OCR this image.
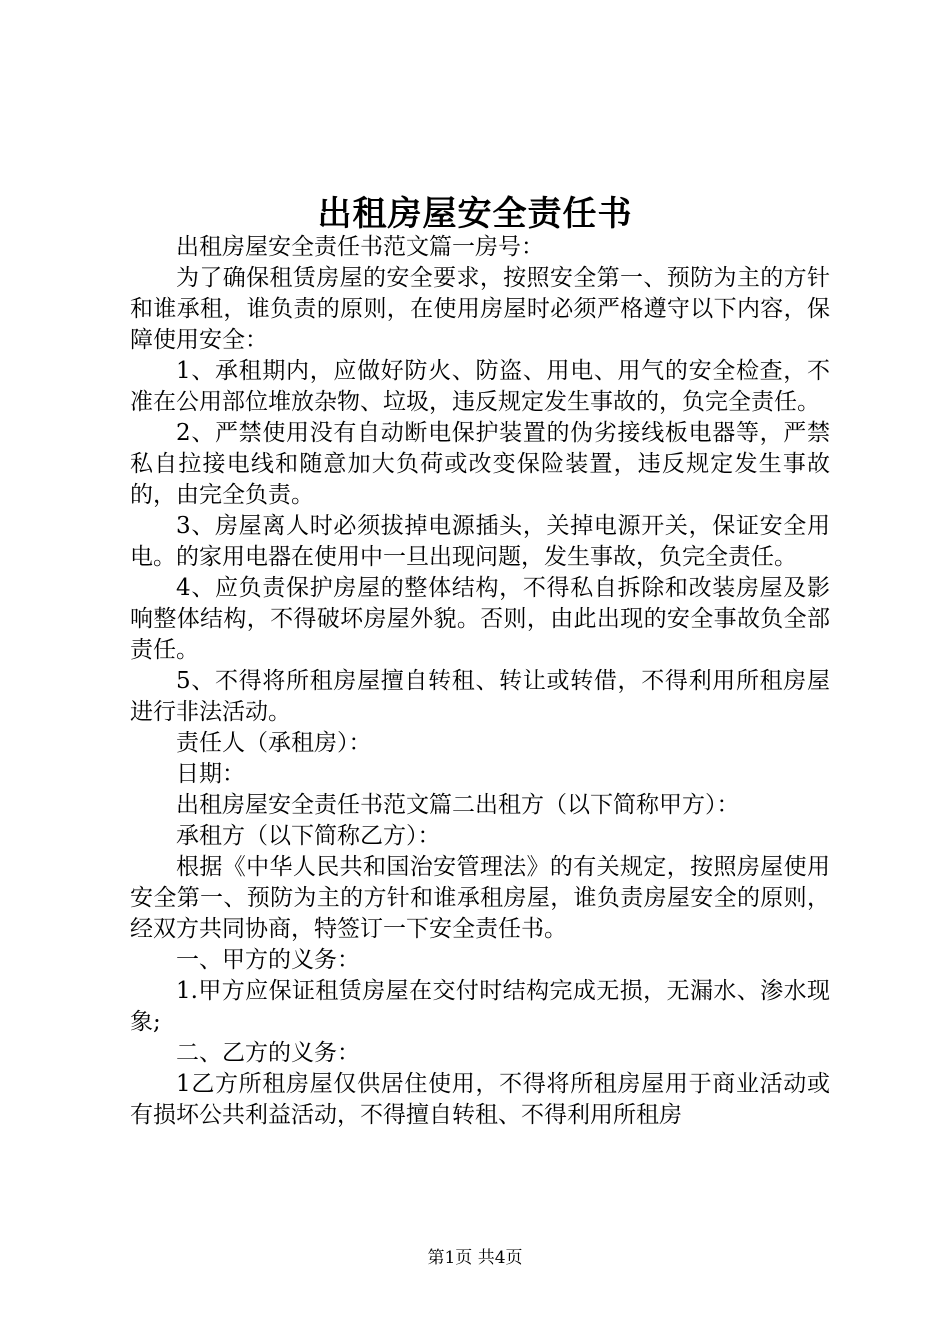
出租房屋安全责任书

出租房屋安全责任书范文篇一房号：

为了确保租赁房屋的安全要求，按照安全第一、预防为主的方针和谁承租，谁负责的原则，在使用房屋时必须严格遵守以下内容，保障使用安全：

1、承租期内，应做好防火、防盗、用电、用气的安全检查，不准在公用部位堆放杂物、垃圾，违反规定发生事故的，负完全责任。

2、严禁使用没有自动断电保护装置的伪劣接线板电器等，严禁私自拉接电线和随意加大负荷或改变保险装置，违反规定发生事故的，由完全负责。

3、房屋离人时必须拔掉电源插头，关掉电源开关，保证安全用电。的家用电器在使用中一旦出现问题，发生事故，负完全责任。

4、应负责保护房屋的整体结构，不得私自拆除和改装房屋及影响整体结构，不得破坏房屋外貌。否则，由此出现的安全事故负全部责任。

5、不得将所租房屋擅自转租、转让或转借，不得利用所租房屋进行非法活动。

责任人（承租房）：

日期：

出租房屋安全责任书范文篇二出租方（以下简称甲方）：

承租方（以下简称乙方）：

根据《中华人民共和国治安管理法》的有关规定，按照房屋使用安全第一、预防为主的方针和谁承租房屋，谁负责房屋安全的原则，经双方共同协商，特签订一下安全责任书。

一、甲方的义务：

1.甲方应保证租赁房屋在交付时结构完成无损，无漏水、渗水现象;

二、乙方的义务：

1乙方所租房屋仅供居住使用，不得将所租房屋用于商业活动或有损坏公共利益活动，不得擅自转租、不得利用所租房

第1页 共4页
